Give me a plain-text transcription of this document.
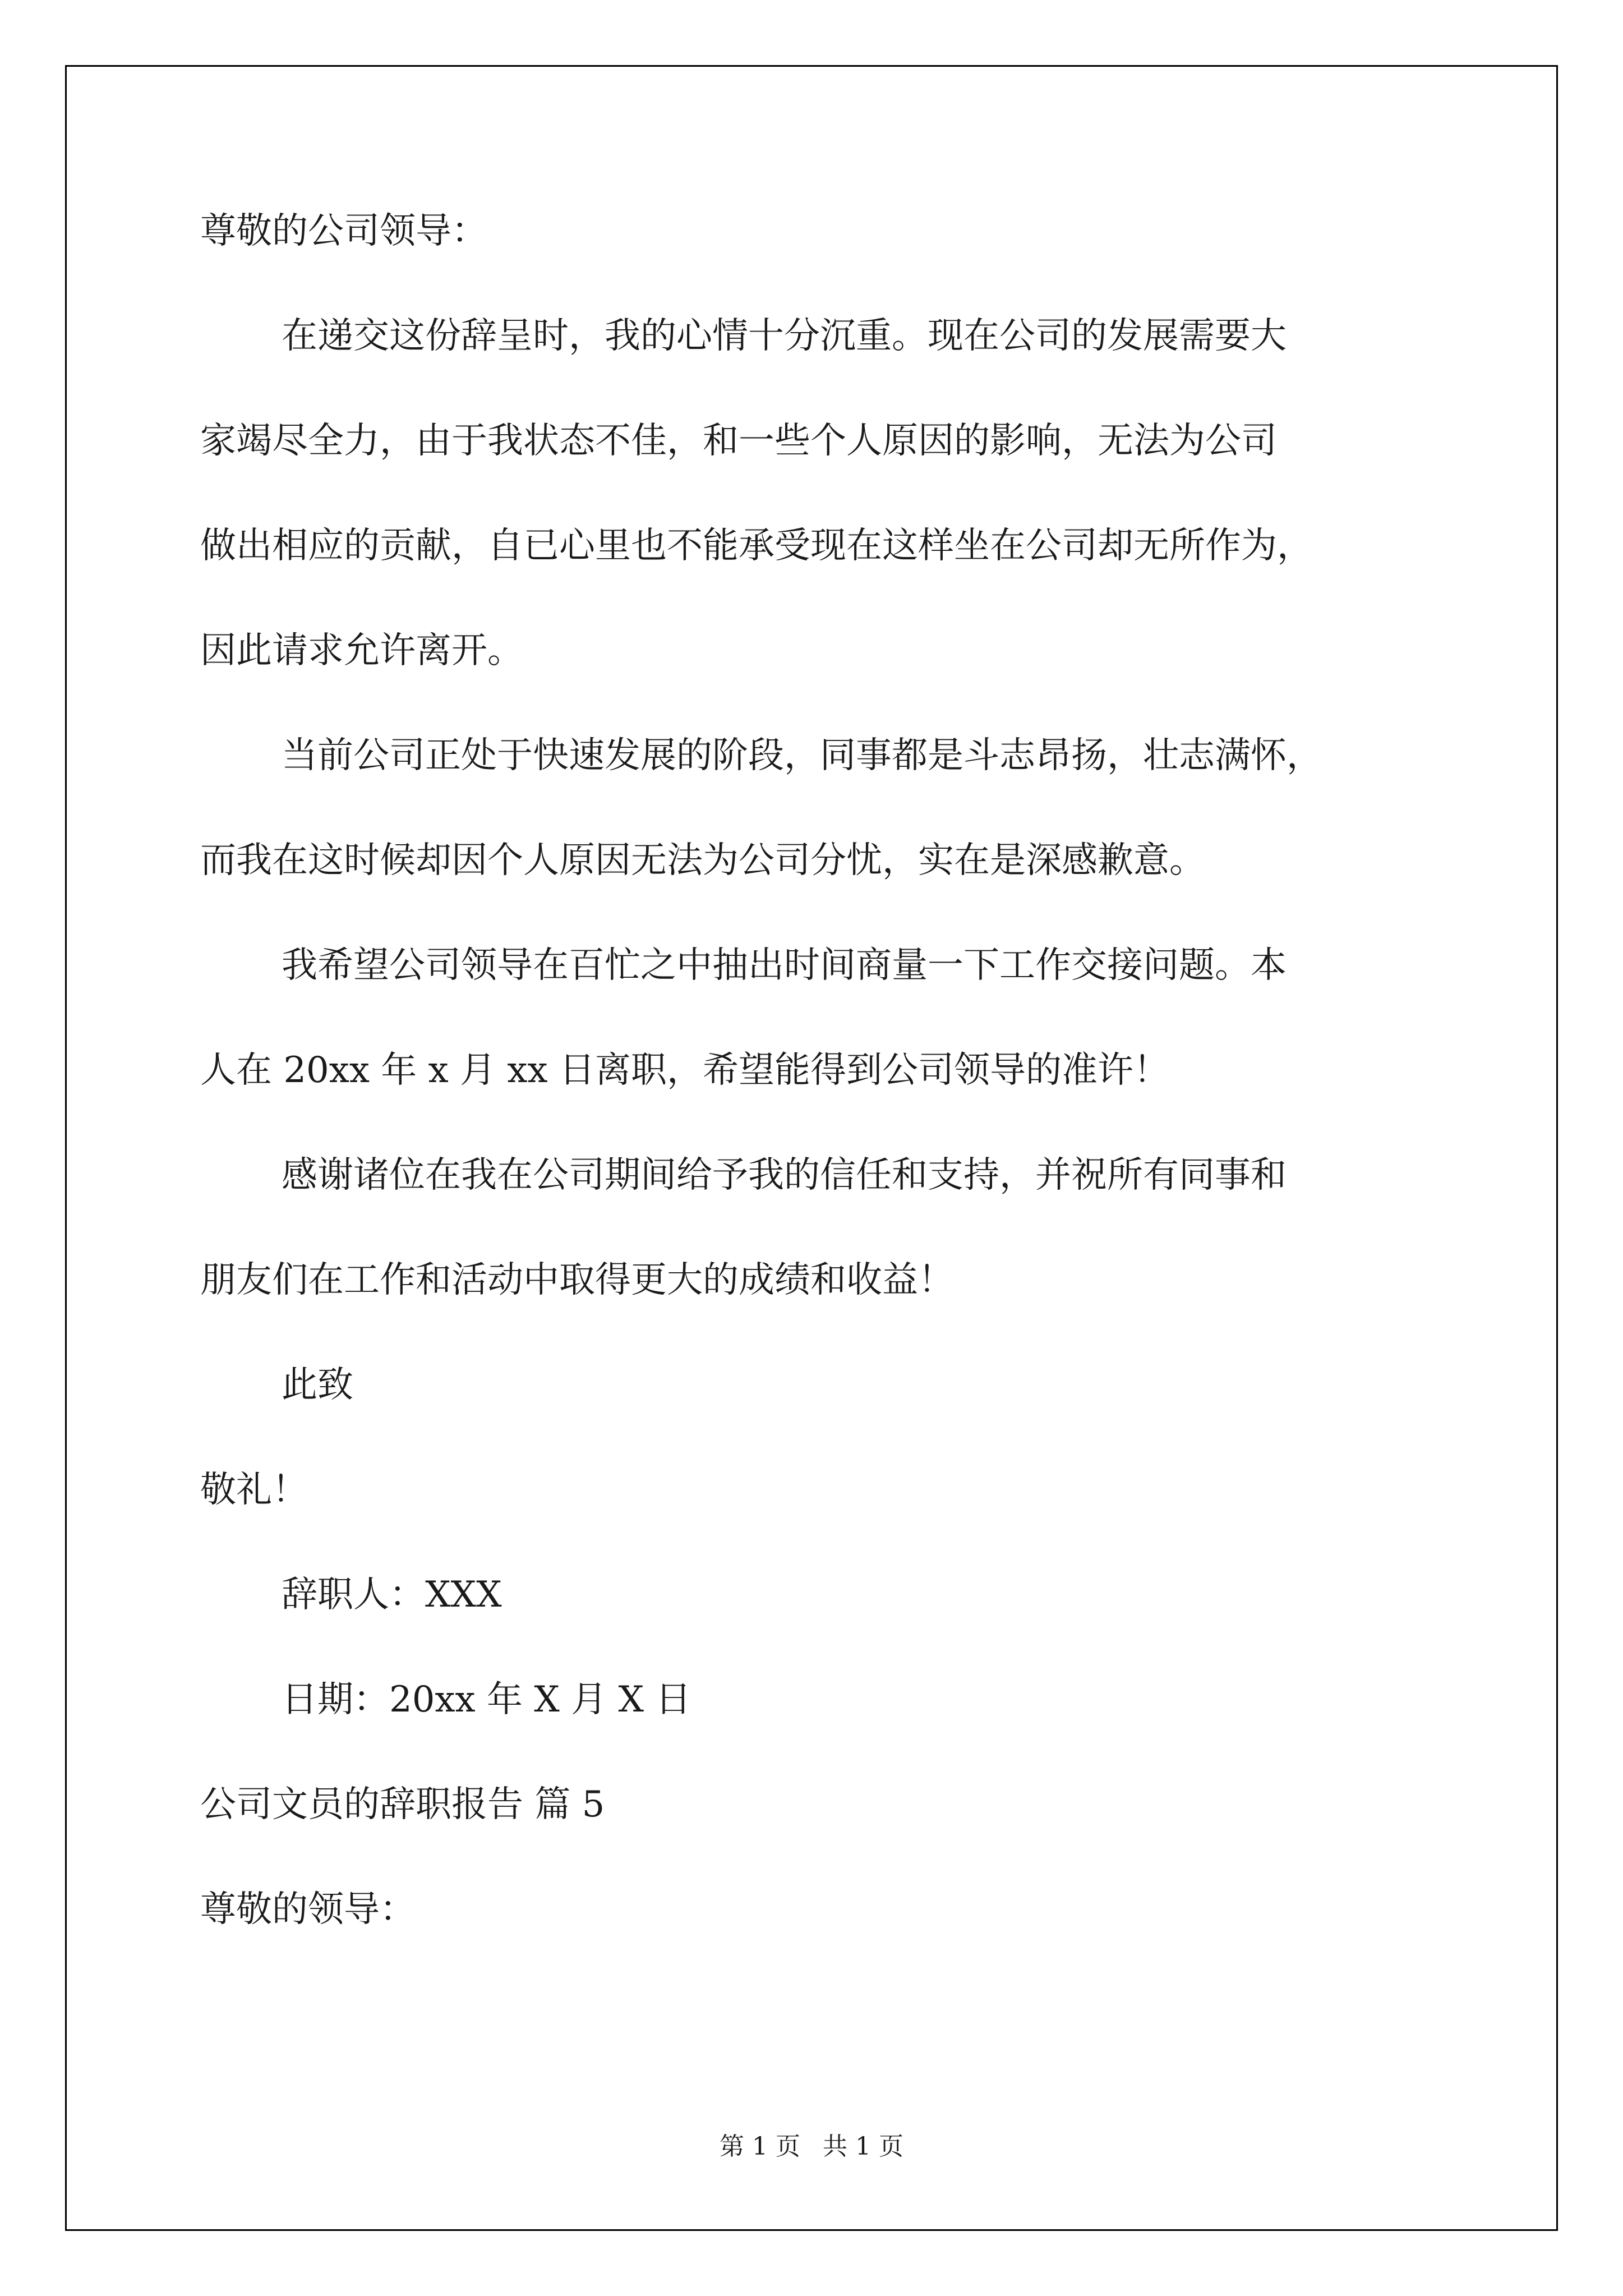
尊敬的公司领导：
在递交这份辞呈时，我的心情十分沉重。现在公司的发展需要大
家竭尽全力，由于我状态不佳，和一些个人原因的影响，无法为公司
做出相应的贡献，自已心里也不能承受现在这样坐在公司却无所作为，
因此请求允许离开。
当前公司正处于快速发展的阶段，同事都是斗志昂扬，壮志满怀，
而我在这时候却因个人原因无法为公司分忧，实在是深感歉意。
我希望公司领导在百忙之中抽出时间商量一下工作交接问题。本
人在 20xx 年 x 月 xx 日离职，希望能得到公司领导的准许！
感谢诸位在我在公司期间给予我的信任和支持，并祝所有同事和
朋友们在工作和活动中取得更大的成绩和收益！
此致
敬礼！
辞职人：XXX
日期：20xx 年 X 月 X 日
公司文员的辞职报告 篇 5
尊敬的领导：
第 1 页 共 1 页
